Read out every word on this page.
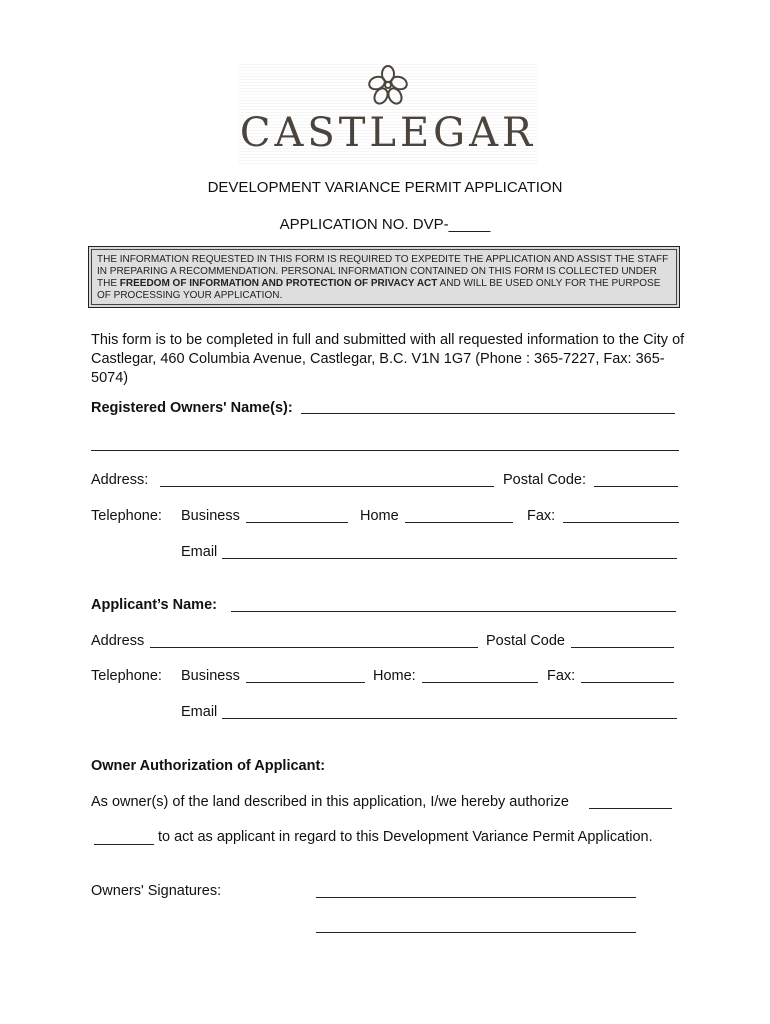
CASTLEGAR
DEVELOPMENT VARIANCE PERMIT APPLICATION
APPLICATION NO. DVP-_____
THE INFORMATION REQUESTED IN THIS FORM IS REQUIRED TO EXPEDITE THE APPLICATION AND ASSIST THE STAFF IN PREPARING A RECOMMENDATION. PERSONAL INFORMATION CONTAINED ON THIS FORM IS COLLECTED UNDER THE FREEDOM OF INFORMATION AND PROTECTION OF PRIVACY ACT AND WILL BE USED ONLY FOR THE PURPOSE OF PROCESSING YOUR APPLICATION.
This form is to be completed in full and submitted with all requested information to the City of Castlegar, 460 Columbia Avenue, Castlegar, B.C. V1N 1G7 (Phone : 365-7227, Fax: 365-5074)
Registered Owners' Name(s):
Address:	Postal Code:
Telephone: Business	Home	Fax:
Email
Applicant’s Name:
Address	Postal Code
Telephone: Business	Home:	Fax:
Email
Owner Authorization of Applicant:
As owner(s) of the land described in this application, I/we hereby authorize
to act as applicant in regard to this Development Variance Permit Application.
Owners' Signatures:
